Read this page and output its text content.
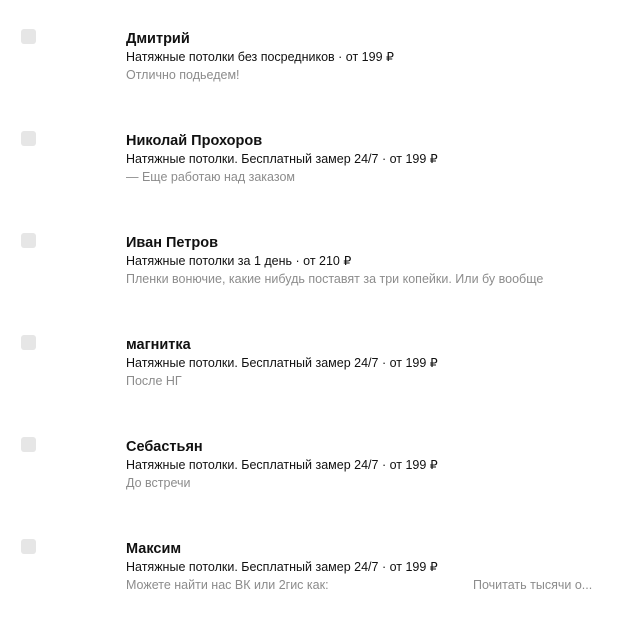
Дмитрий
Натяжные потолки без посредников · от 199 ₽
Отлично подьедем!
Николай Прохоров
Натяжные потолки. Бесплатный замер 24/7 · от 199 ₽
— Еще работаю над заказом
Иван Петров
Натяжные потолки за 1 день · от 210 ₽
Пленки вонючие, какие нибудь поставят за три копейки. Или бу вообще
магнитка
Натяжные потолки. Бесплатный замер 24/7 · от 199 ₽
После НГ
Себастьян
Натяжные потолки. Бесплатный замер 24/7 · от 199 ₽
До встречи
Максим
Натяжные потолки. Бесплатный замер 24/7 · от 199 ₽
Можете найти нас ВК или 2гис как:	Почитать тысячи о...
